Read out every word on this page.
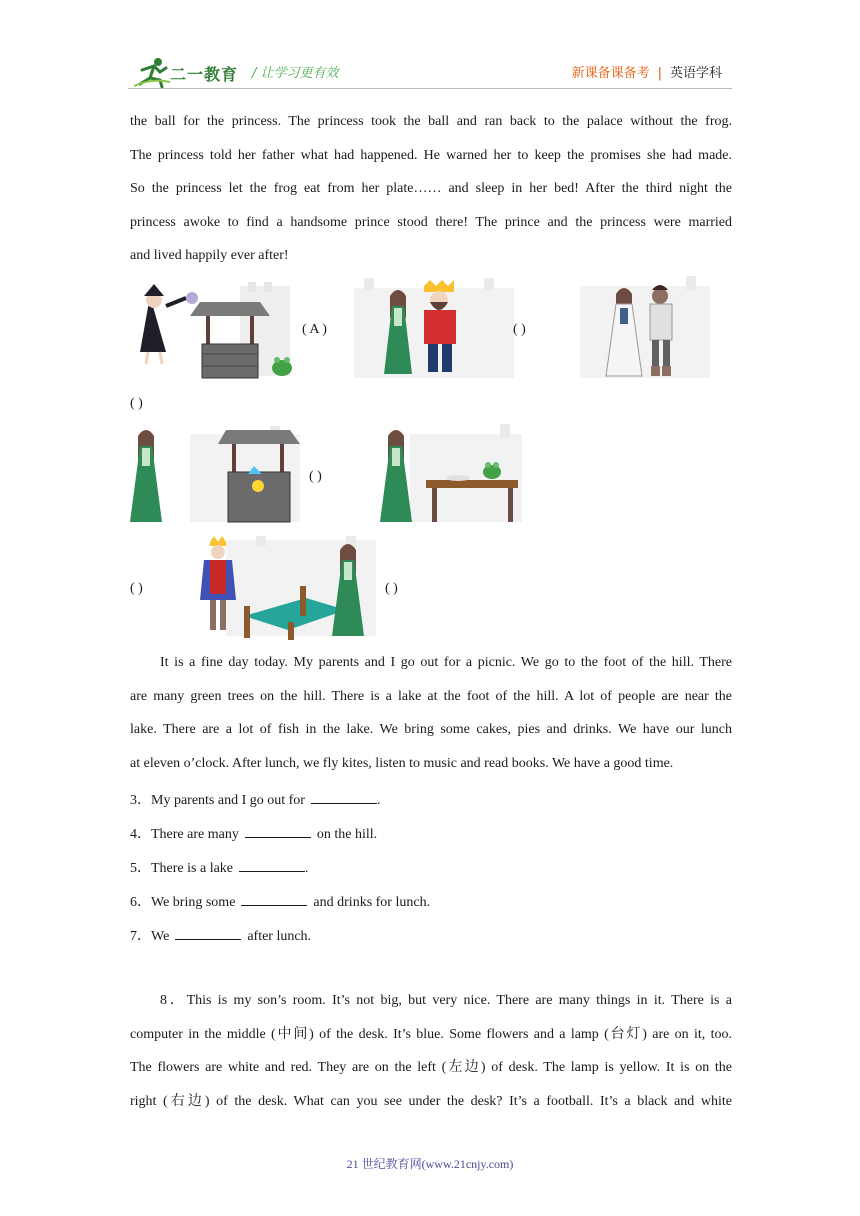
二一教育 / 让学习更有效	新课备课备考 | 英语学科
the ball for the princess. The princess took the ball and ran back to the palace without the frog.
The princess told her father what had happened. He warned her to keep the promises she had made.
So the princess let the frog eat from her plate…… and sleep in her bed! After the third night the
princess awoke to find a handsome prince stood there! The prince and the princess were married
and lived happily ever after!
( A )	( )
( )
( )
( )	( )
It is a fine day today. My parents and I go out for a picnic. We go to the foot of the hill. There
are many green trees on the hill. There is a lake at the foot of the hill. A lot of people are near the
lake. There are a lot of fish in the lake. We bring some cakes, pies and drinks. We have our lunch
at eleven o’clock. After lunch, we fly kites, listen to music and read books. We have a good time.
3．My parents and I go out for	.
4．There are many	on the hill.
5．There is a lake	.
6．We bring some	and drinks for lunch.
7．We	after lunch.
8．This is my son’s room. It’s not big, but very nice. There are many things in it. There is a
computer in the middle (中间) of the desk. It’s blue. Some flowers and a lamp (台灯) are on it, too.
The flowers are white and red. They are on the left (左边) of desk. The lamp is yellow. It is on the
right (右边) of the desk. What can you see under the desk? It’s a football. It’s a black and white
21 世纪教育网(www.21cnjy.com)
